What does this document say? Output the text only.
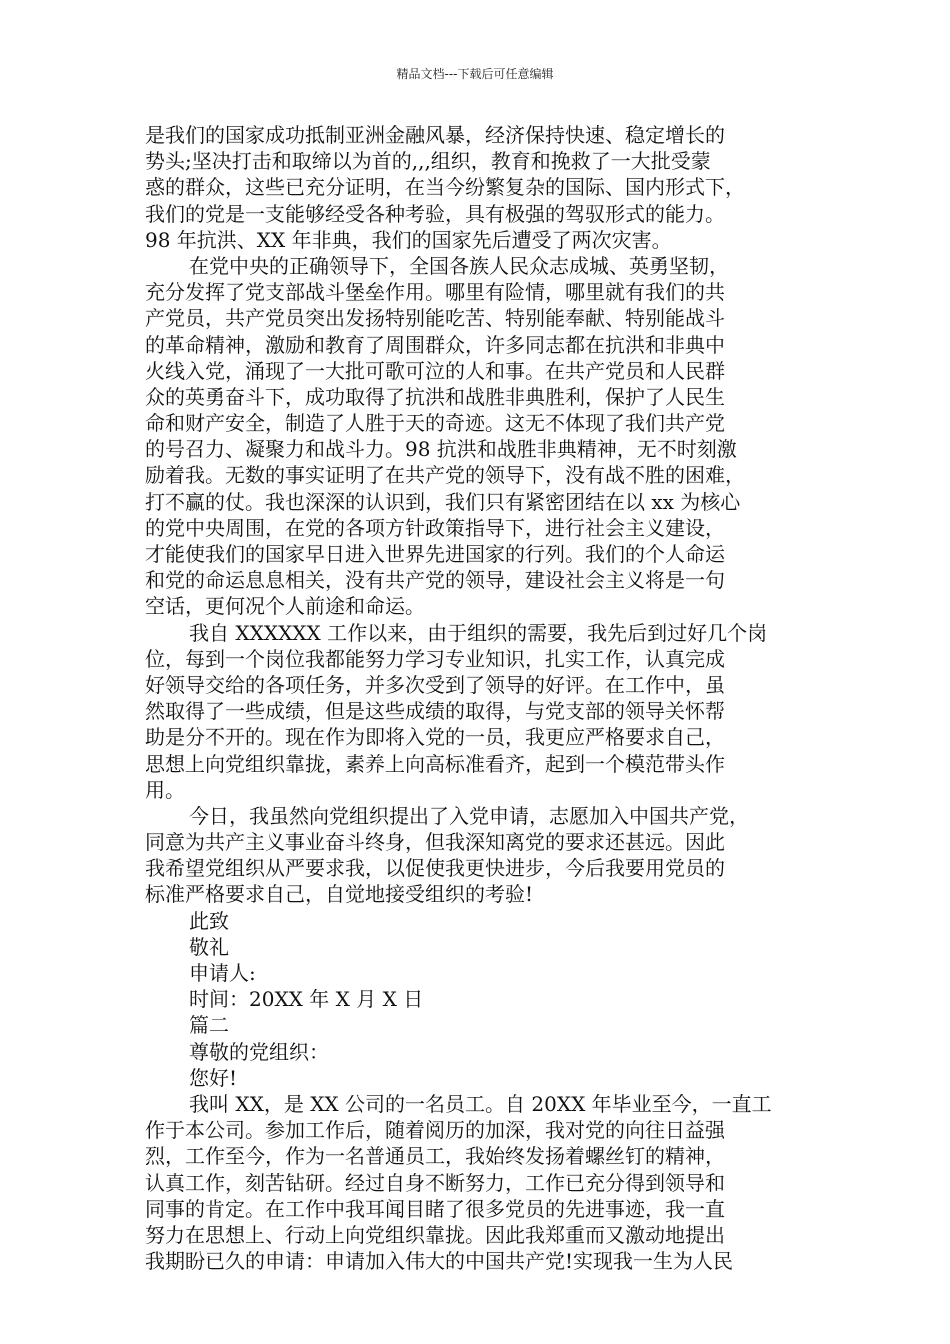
精品文档---下载后可任意编辑
是我们的国家成功抵制亚洲金融风暴，经济保持快速、稳定增长的
势头;坚决打击和取缔以为首的,,,组织，教育和挽救了一大批受蒙
惑的群众，这些已充分证明，在当今纷繁复杂的国际、国内形式下，
我们的党是一支能够经受各种考验，具有极强的驾驭形式的能力。
98 年抗洪、XX 年非典，我们的国家先后遭受了两次灾害。
在党中央的正确领导下，全国各族人民众志成城、英勇坚韧，
充分发挥了党支部战斗堡垒作用。哪里有险情，哪里就有我们的共
产党员，共产党员突出发扬特别能吃苦、特别能奉献、特别能战斗
的革命精神，激励和教育了周围群众，许多同志都在抗洪和非典中
火线入党，涌现了一大批可歌可泣的人和事。在共产党员和人民群
众的英勇奋斗下，成功取得了抗洪和战胜非典胜利，保护了人民生
命和财产安全，制造了人胜于天的奇迹。这无不体现了我们共产党
的号召力、凝聚力和战斗力。98 抗洪和战胜非典精神，无不时刻激
励着我。无数的事实证明了在共产党的领导下，没有战不胜的困难，
打不赢的仗。我也深深的认识到，我们只有紧密团结在以 xx 为核心
的党中央周围，在党的各项方针政策指导下，进行社会主义建设，
才能使我们的国家早日进入世界先进国家的行列。我们的个人命运
和党的命运息息相关，没有共产党的领导，建设社会主义将是一句
空话，更何况个人前途和命运。
我自 XXXXXX 工作以来，由于组织的需要，我先后到过好几个岗
位，每到一个岗位我都能努力学习专业知识，扎实工作，认真完成
好领导交给的各项任务，并多次受到了领导的好评。在工作中，虽
然取得了一些成绩，但是这些成绩的取得，与党支部的领导关怀帮
助是分不开的。现在作为即将入党的一员，我更应严格要求自己，
思想上向党组织靠拢，素养上向高标准看齐，起到一个模范带头作
用。
今日，我虽然向党组织提出了入党申请，志愿加入中国共产党，
同意为共产主义事业奋斗终身，但我深知离党的要求还甚远。因此
我希望党组织从严要求我，以促使我更快进步，今后我要用党员的
标准严格要求自己，自觉地接受组织的考验!
此致
敬礼
申请人:
时间：20XX 年 X 月 X 日
篇二
尊敬的党组织：
您好!
我叫 XX，是 XX 公司的一名员工。自 20XX 年毕业至今，一直工
作于本公司。参加工作后，随着阅历的加深，我对党的向往日益强
烈，工作至今，作为一名普通员工，我始终发扬着螺丝钉的精神，
认真工作，刻苦钻研。经过自身不断努力，工作已充分得到领导和
同事的肯定。在工作中我耳闻目睹了很多党员的先进事迹，我一直
努力在思想上、行动上向党组织靠拢。因此我郑重而又激动地提出
我期盼已久的申请：申请加入伟大的中国共产党!实现我一生为人民
